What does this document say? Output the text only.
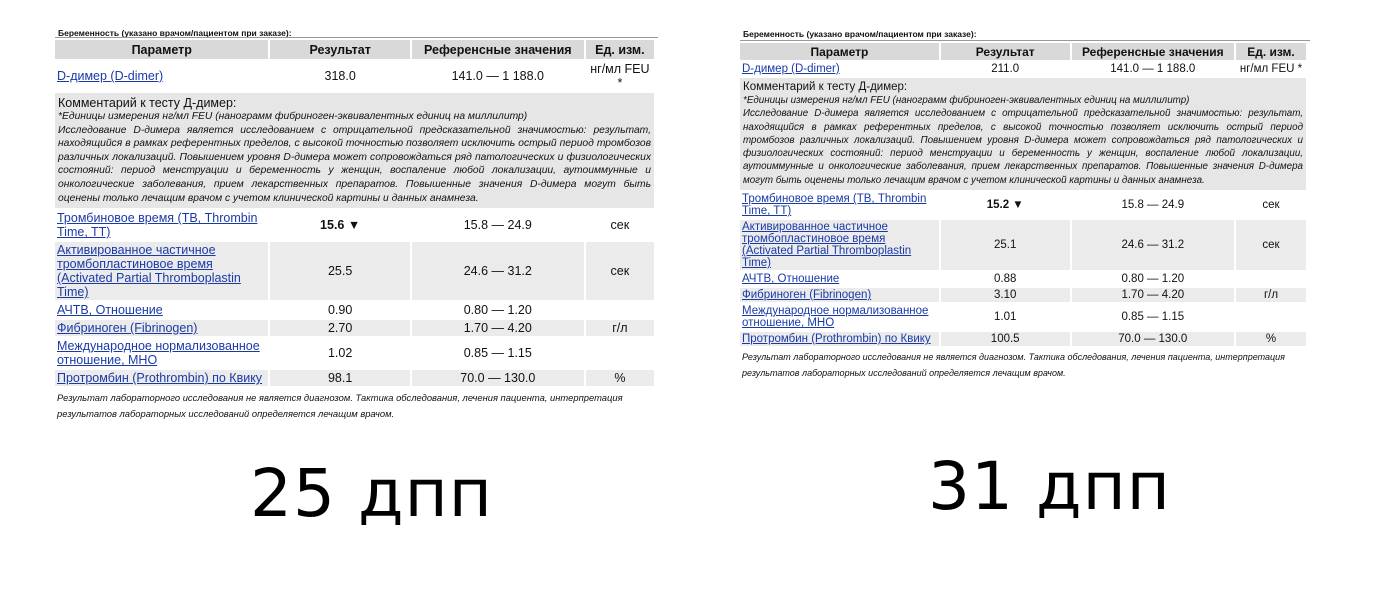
Беременность (указано врачом/пациентом при заказе):
Параметр	Результат	Референсные значения	Ед. изм.
D-димер (D-dimer)	318.0	141.0 — 1 188.0	нг/мл FEU *

Комментарий к тесту Д-димер:
*Единицы измерения нг/мл FEU (нанограмм фибриноген-эквивалентных единиц на миллилитр)
Исследование D-димера является исследованием с отрицательной предсказательной значимостью: результат, находящийся в рамках референтных пределов, с высокой точностью позволяет исключить острый период тромбозов различных локализаций. Повышением уровня D-димера может сопровождаться ряд патологических и физиологических состояний: период менструации и беременность у женщин, воспаление любой локализации, аутоиммунные и онкологические заболевания, прием лекарственных препаратов. Повышенные значения D-димера могут быть оценены только лечащим врачом с учетом клинической картины и данных анамнеза.			

Тромбиновое время (ТВ, Thrombin Time, TT)	15.6 ▼	15.8 — 24.9	сек
Активированное частичное тромбопластиновое время (Activated Partial Thromboplastin Time)	25.5	24.6 — 31.2	сек
АЧТВ, Отношение	0.90	0.80 — 1.20	
Фибриноген (Fibrinogen)	2.70	1.70 — 4.20	г/л
Международное нормализованное отношение, МНО	1.02	0.85 — 1.15	
Протромбин (Prothrombin) по Квику	98.1	70.0 — 130.0	%
Результат лабораторного исследования не является диагнозом. Тактика обследования, лечения пациента, интерпретация результатов лабораторных исследований определяется лечащим врачом.
Беременность (указано врачом/пациентом при заказе):
Параметр	Результат	Референсные значения	Ед. изм.
D-димер (D-dimer)	211.0	141.0 — 1 188.0	нг/мл FEU *

Комментарий к тесту Д-димер:
*Единицы измерения нг/мл FEU (нанограмм фибриноген-эквивалентных единиц на миллилитр)
Исследование D-димера является исследованием с отрицательной предсказательной значимостью: результат, находящийся в рамках референтных пределов, с высокой точностью позволяет исключить острый период тромбозов различных локализаций. Повышением уровня D-димера может сопровождаться ряд патологических и физиологических состояний: период менструации и беременность у женщин, воспаление любой локализации, аутоиммунные и онкологические заболевания, прием лекарственных препаратов. Повышенные значения D-димера могут быть оценены только лечащим врачом с учетом клинической картины и данных анамнеза.			

Тромбиновое время (ТВ, Thrombin Time, TT)	15.2 ▼	15.8 — 24.9	сек
Активированное частичное тромбопластиновое время (Activated Partial Thromboplastin Time)	25.1	24.6 — 31.2	сек
АЧТВ, Отношение	0.88	0.80 — 1.20	
Фибриноген (Fibrinogen)	3.10	1.70 — 4.20	г/л
Международное нормализованное отношение, МНО	1.01	0.85 — 1.15	
Протромбин (Prothrombin) по Квику	100.5	70.0 — 130.0	%
Результат лабораторного исследования не является диагнозом. Тактика обследования, лечения пациента, интерпретация результатов лабораторных исследований определяется лечащим врачом.
25 дпп	31 дпп
